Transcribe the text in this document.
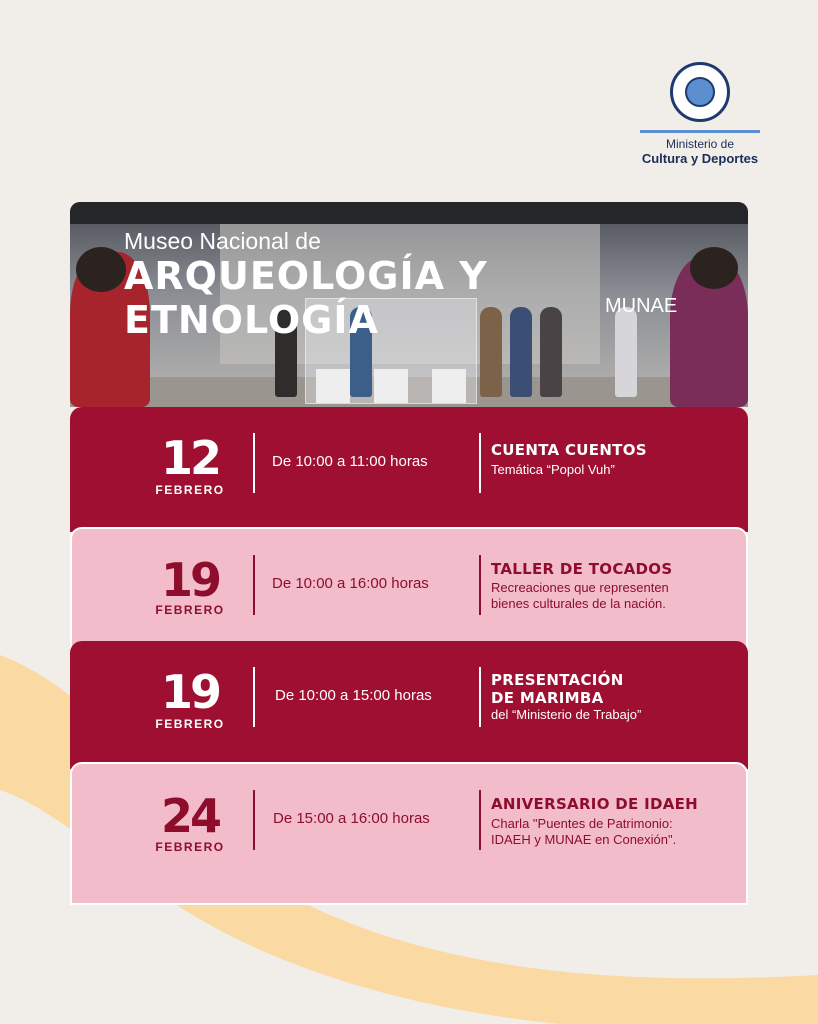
Ministerio de
Cultura y Deportes
Museo Nacional de
ARQUEOLOGÍA Y ETNOLOGÍA	MUNAE
12
FEBRERO
De 10:00 a 11:00 horas
CUENTA CUENTOS
Temática “Popol Vuh”
19
FEBRERO
De 10:00 a 16:00 horas
TALLER DE TOCADOS
Recreaciones que representen
bienes culturales de la nación.
19
FEBRERO
De 10:00 a 15:00 horas
PRESENTACIÓN
DE MARIMBA
del “Ministerio de Trabajo”
24
FEBRERO
De 15:00 a 16:00 horas
ANIVERSARIO DE IDAEH
Charla "Puentes de Patrimonio:
IDAEH y MUNAE en Conexión".
